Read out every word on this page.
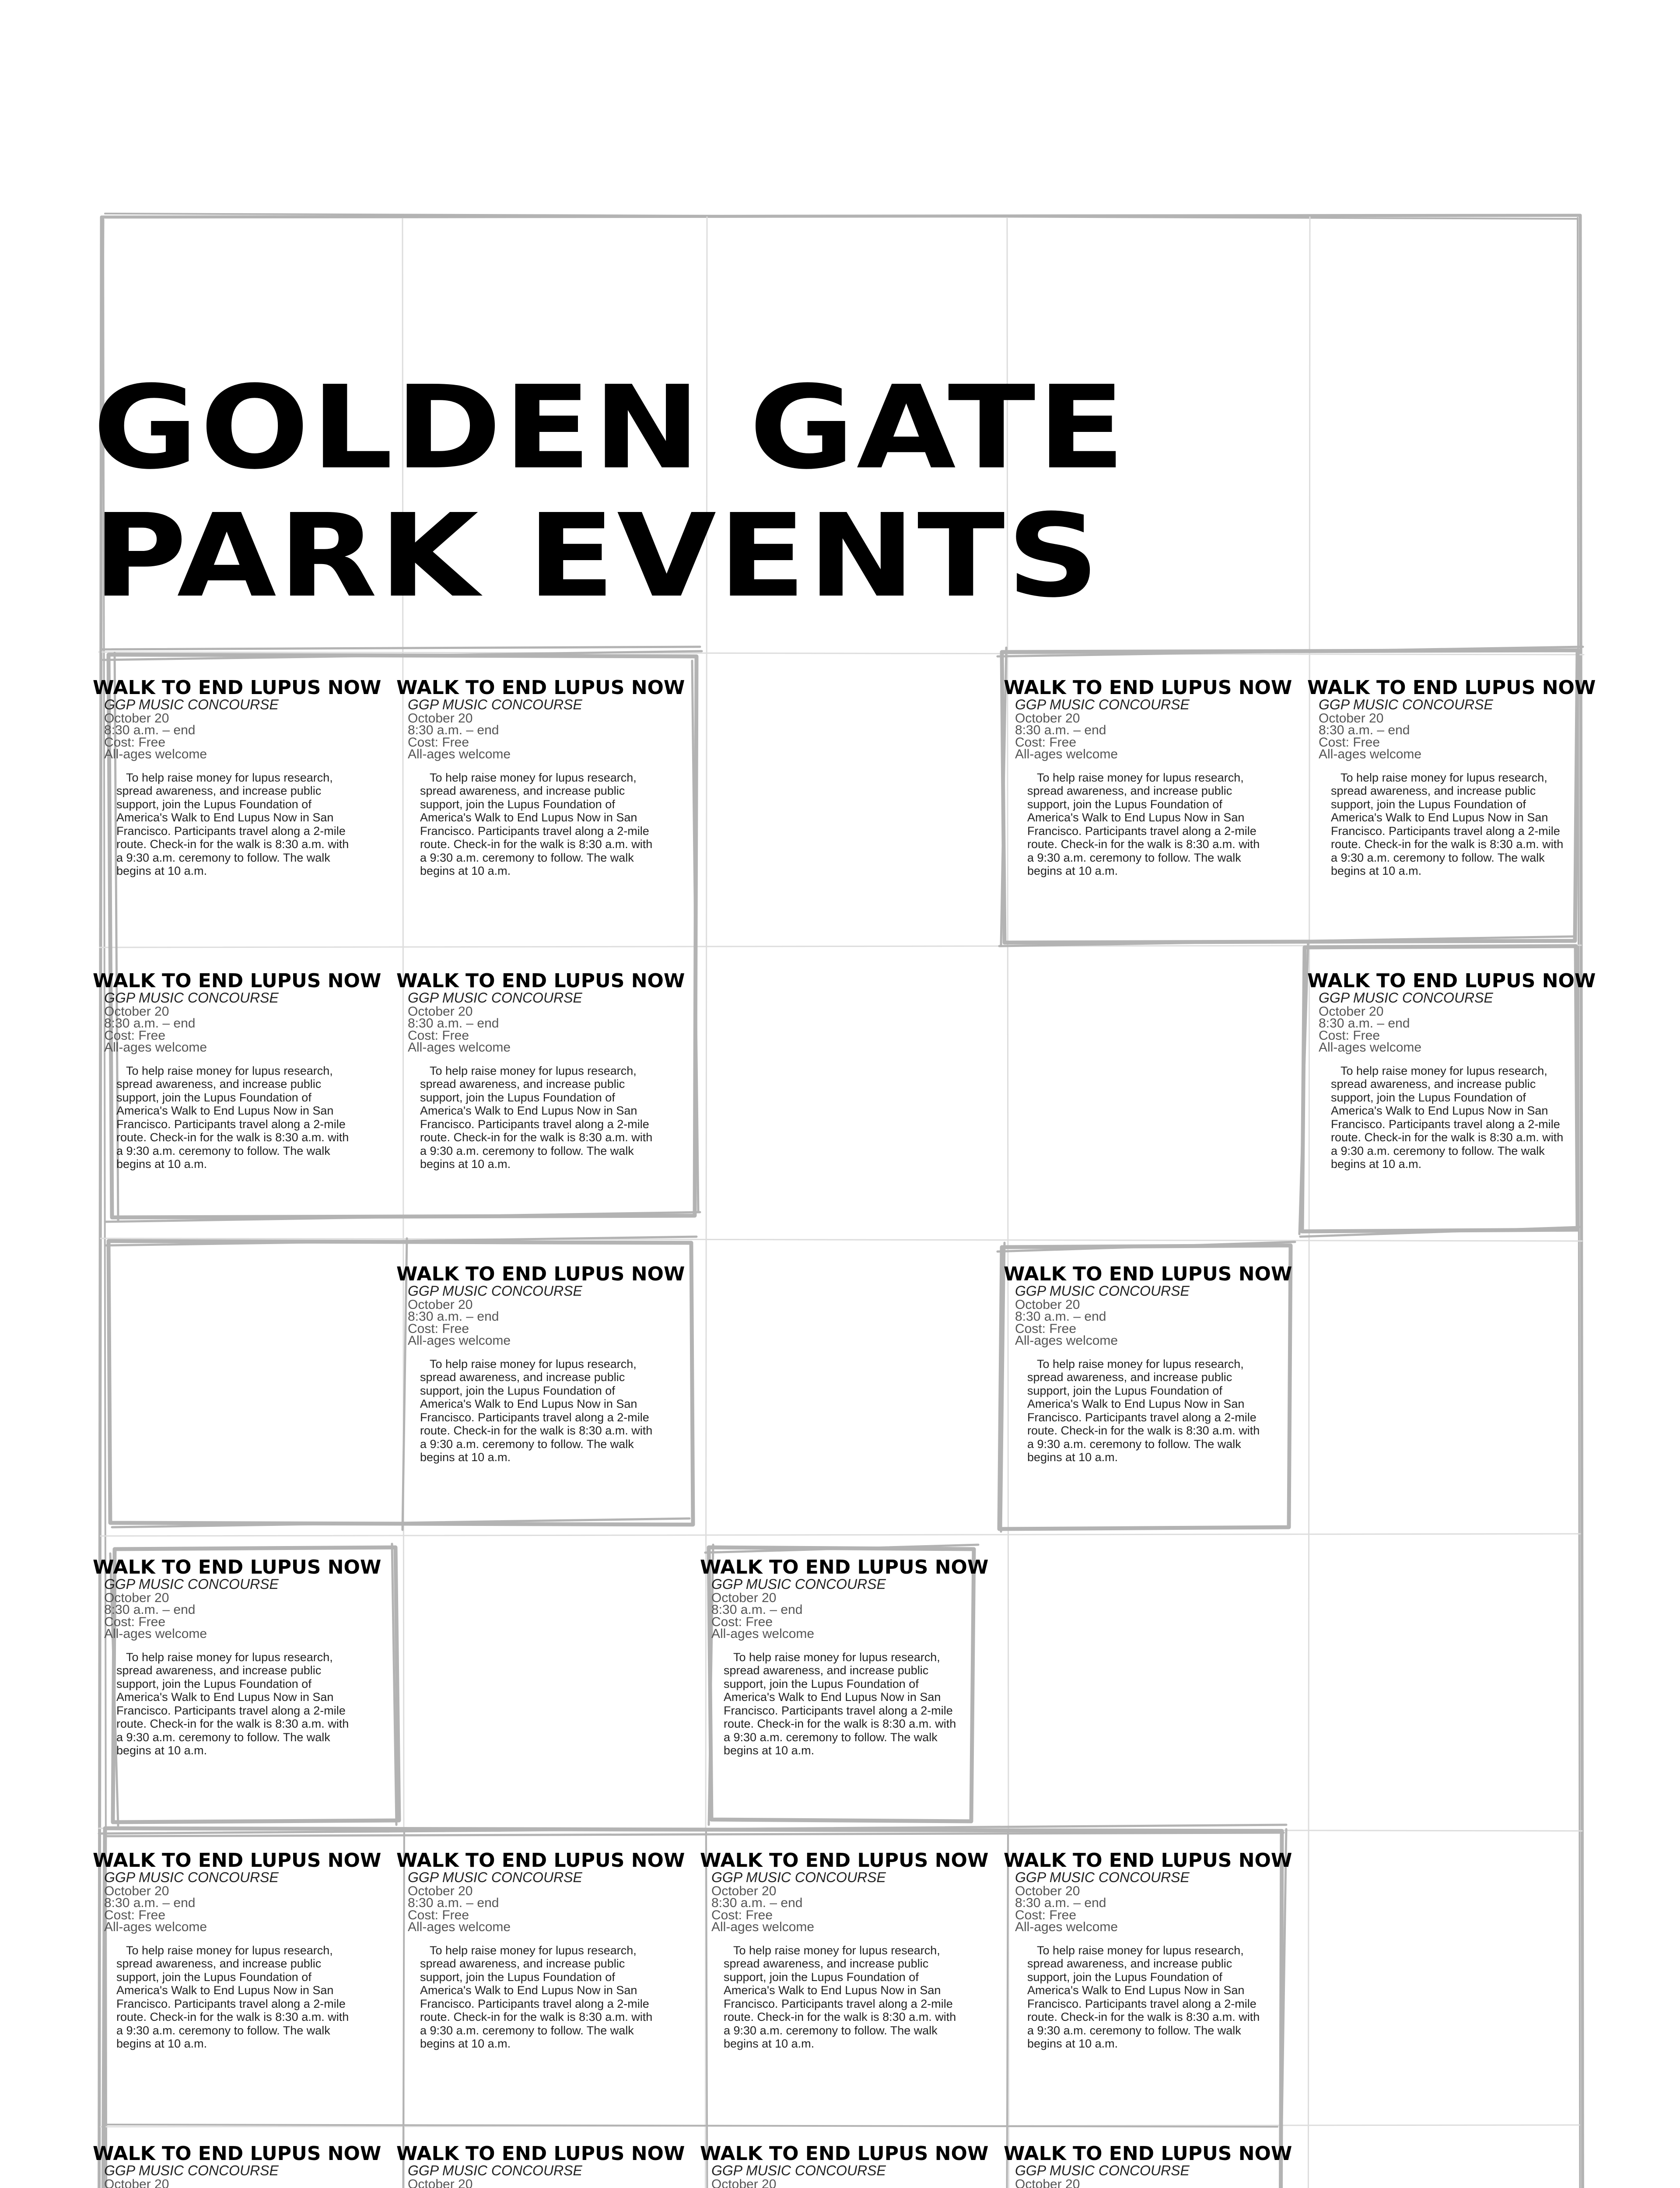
GOLDEN GATE
PARK EVENTS
WALK TO END LUPUS NOW
GGP MUSIC CONCOURSE
October 20
8:30 a.m. – end
Cost: Free
All-ages welcome

To help raise money for lupus research, spread awareness, and increase public support, join the Lupus Foundation of America's Walk to End Lupus Now in San Francisco. Participants travel along a 2-mile route. Check-in for the walk is 8:30 a.m. with a 9:30 a.m. ceremony to follow. The walk begins at 10 a.m.

WALK TO END LUPUS NOW
GGP MUSIC CONCOURSE
October 20
8:30 a.m. – end
Cost: Free
All-ages welcome

To help raise money for lupus research, spread awareness, and increase public support, join the Lupus Foundation of America's Walk to End Lupus Now in San Francisco. Participants travel along a 2-mile route. Check-in for the walk is 8:30 a.m. with a 9:30 a.m. ceremony to follow. The walk begins at 10 a.m.

WALK TO END LUPUS NOW
GGP MUSIC CONCOURSE
October 20
8:30 a.m. – end
Cost: Free
All-ages welcome

To help raise money for lupus research, spread awareness, and increase public support, join the Lupus Foundation of America's Walk to End Lupus Now in San Francisco. Participants travel along a 2-mile route. Check-in for the walk is 8:30 a.m. with a 9:30 a.m. ceremony to follow. The walk begins at 10 a.m.

WALK TO END LUPUS NOW
GGP MUSIC CONCOURSE
October 20
8:30 a.m. – end
Cost: Free
All-ages welcome

To help raise money for lupus research, spread awareness, and increase public support, join the Lupus Foundation of America's Walk to End Lupus Now in San Francisco. Participants travel along a 2-mile route. Check-in for the walk is 8:30 a.m. with a 9:30 a.m. ceremony to follow. The walk begins at 10 a.m.

WALK TO END LUPUS NOW
GGP MUSIC CONCOURSE
October 20
8:30 a.m. – end
Cost: Free
All-ages welcome

To help raise money for lupus research, spread awareness, and increase public support, join the Lupus Foundation of America's Walk to End Lupus Now in San Francisco. Participants travel along a 2-mile route. Check-in for the walk is 8:30 a.m. with a 9:30 a.m. ceremony to follow. The walk begins at 10 a.m.

WALK TO END LUPUS NOW
GGP MUSIC CONCOURSE
October 20
8:30 a.m. – end
Cost: Free
All-ages welcome

To help raise money for lupus research, spread awareness, and increase public support, join the Lupus Foundation of America's Walk to End Lupus Now in San Francisco. Participants travel along a 2-mile route. Check-in for the walk is 8:30 a.m. with a 9:30 a.m. ceremony to follow. The walk begins at 10 a.m.

WALK TO END LUPUS NOW
GGP MUSIC CONCOURSE
October 20
8:30 a.m. – end
Cost: Free
All-ages welcome

To help raise money for lupus research, spread awareness, and increase public support, join the Lupus Foundation of America's Walk to End Lupus Now in San Francisco. Participants travel along a 2-mile route. Check-in for the walk is 8:30 a.m. with a 9:30 a.m. ceremony to follow. The walk begins at 10 a.m.

WALK TO END LUPUS NOW
GGP MUSIC CONCOURSE
October 20
8:30 a.m. – end
Cost: Free
All-ages welcome

To help raise money for lupus research, spread awareness, and increase public support, join the Lupus Foundation of America's Walk to End Lupus Now in San Francisco. Participants travel along a 2-mile route. Check-in for the walk is 8:30 a.m. with a 9:30 a.m. ceremony to follow. The walk begins at 10 a.m.

WALK TO END LUPUS NOW
GGP MUSIC CONCOURSE
October 20
8:30 a.m. – end
Cost: Free
All-ages welcome

To help raise money for lupus research, spread awareness, and increase public support, join the Lupus Foundation of America's Walk to End Lupus Now in San Francisco. Participants travel along a 2-mile route. Check-in for the walk is 8:30 a.m. with a 9:30 a.m. ceremony to follow. The walk begins at 10 a.m.

WALK TO END LUPUS NOW
GGP MUSIC CONCOURSE
October 20
8:30 a.m. – end
Cost: Free
All-ages welcome

To help raise money for lupus research, spread awareness, and increase public support, join the Lupus Foundation of America's Walk to End Lupus Now in San Francisco. Participants travel along a 2-mile route. Check-in for the walk is 8:30 a.m. with a 9:30 a.m. ceremony to follow. The walk begins at 10 a.m.

WALK TO END LUPUS NOW
GGP MUSIC CONCOURSE
October 20
8:30 a.m. – end
Cost: Free
All-ages welcome

To help raise money for lupus research, spread awareness, and increase public support, join the Lupus Foundation of America's Walk to End Lupus Now in San Francisco. Participants travel along a 2-mile route. Check-in for the walk is 8:30 a.m. with a 9:30 a.m. ceremony to follow. The walk begins at 10 a.m.

WALK TO END LUPUS NOW
GGP MUSIC CONCOURSE
October 20
8:30 a.m. – end
Cost: Free
All-ages welcome

To help raise money for lupus research, spread awareness, and increase public support, join the Lupus Foundation of America's Walk to End Lupus Now in San Francisco. Participants travel along a 2-mile route. Check-in for the walk is 8:30 a.m. with a 9:30 a.m. ceremony to follow. The walk begins at 10 a.m.

WALK TO END LUPUS NOW
GGP MUSIC CONCOURSE
October 20
8:30 a.m. – end
Cost: Free
All-ages welcome

To help raise money for lupus research, spread awareness, and increase public support, join the Lupus Foundation of America's Walk to End Lupus Now in San Francisco. Participants travel along a 2-mile route. Check-in for the walk is 8:30 a.m. with a 9:30 a.m. ceremony to follow. The walk begins at 10 a.m.

WALK TO END LUPUS NOW
GGP MUSIC CONCOURSE
October 20
8:30 a.m. – end
Cost: Free
All-ages welcome

To help raise money for lupus research, spread awareness, and increase public support, join the Lupus Foundation of America's Walk to End Lupus Now in San Francisco. Participants travel along a 2-mile route. Check-in for the walk is 8:30 a.m. with a 9:30 a.m. ceremony to follow. The walk begins at 10 a.m.

WALK TO END LUPUS NOW
GGP MUSIC CONCOURSE
October 20
8:30 a.m. – end
Cost: Free
All-ages welcome

To help raise money for lupus research, spread awareness, and increase public support, join the Lupus Foundation of America's Walk to End Lupus Now in San Francisco. Participants travel along a 2-mile route. Check-in for the walk is 8:30 a.m. with a 9:30 a.m. ceremony to follow. The walk begins at 10 a.m.

WALK TO END LUPUS NOW
GGP MUSIC CONCOURSE
October 20

WALK TO END LUPUS NOW
GGP MUSIC CONCOURSE
October 20

WALK TO END LUPUS NOW
GGP MUSIC CONCOURSE
October 20

WALK TO END LUPUS NOW
GGP MUSIC CONCOURSE
October 20
